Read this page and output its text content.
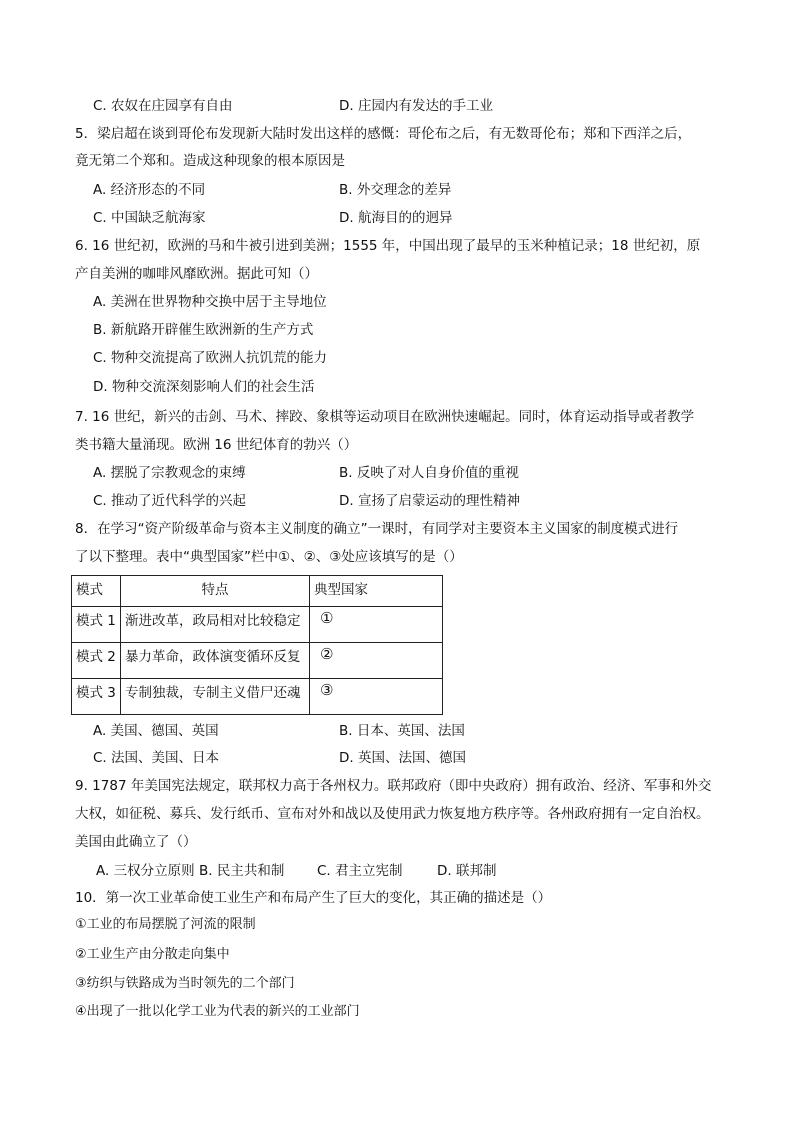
C. 农奴在庄园享有自由	D. 庄园内有发达的手工业
5．梁启超在谈到哥伦布发现新大陆时发出这样的感慨：哥伦布之后，有无数哥伦布；郑和下西洋之后，
竟无第二个郑和。造成这种现象的根本原因是
A. 经济形态的不同	B. 外交理念的差异
C. 中国缺乏航海家	D. 航海目的的迥异
6. 16 世纪初，欧洲的马和牛被引进到美洲；1555 年，中国出现了最早的玉米种植记录；18 世纪初，原
产自美洲的咖啡风靡欧洲。据此可知（）
A. 美洲在世界物种交换中居于主导地位
B. 新航路开辟催生欧洲新的生产方式
C. 物种交流提高了欧洲人抗饥荒的能力
D. 物种交流深刻影响人们的社会生活
7. 16 世纪，新兴的击剑、马术、摔跤、象棋等运动项目在欧洲快速崛起。同时，体育运动指导或者教学
类书籍大量涌现。欧洲 16 世纪体育的勃兴（）
A. 摆脱了宗教观念的束缚	B. 反映了对人自身价值的重视
C. 推动了近代科学的兴起	D. 宣扬了启蒙运动的理性精神
8．在学习“资产阶级革命与资本主义制度的确立”一课时，有同学对主要资本主义国家的制度模式进行
了以下整理。表中“典型国家”栏中①、②、③处应该填写的是（）
模式	特点	典型国家
模式 1	渐进改革，政局相对比较稳定	①
模式 2	暴力革命，政体演变循环反复	②
模式 3	专制独裁，专制主义借尸还魂	③
A. 美国、德国、英国	B. 日本、英国、法国
C. 法国、美国、日本	D. 英国、法国、德国
9. 1787 年美国宪法规定，联邦权力高于各州权力。联邦政府（即中央政府）拥有政治、经济、军事和外交
大权，如征税、募兵、发行纸币、宣布对外和战以及使用武力恢复地方秩序等。各州政府拥有一定自治权。
美国由此确立了（）
A. 三权分立原则 B. 民主共和制 C. 君主立宪制	D. 联邦制
10．第一次工业革命使工业生产和布局产生了巨大的变化，其正确的描述是（）
①工业的布局摆脱了河流的限制
②工业生产由分散走向集中
③纺织与铁路成为当时领先的二个部门
④出现了一批以化学工业为代表的新兴的工业部门
